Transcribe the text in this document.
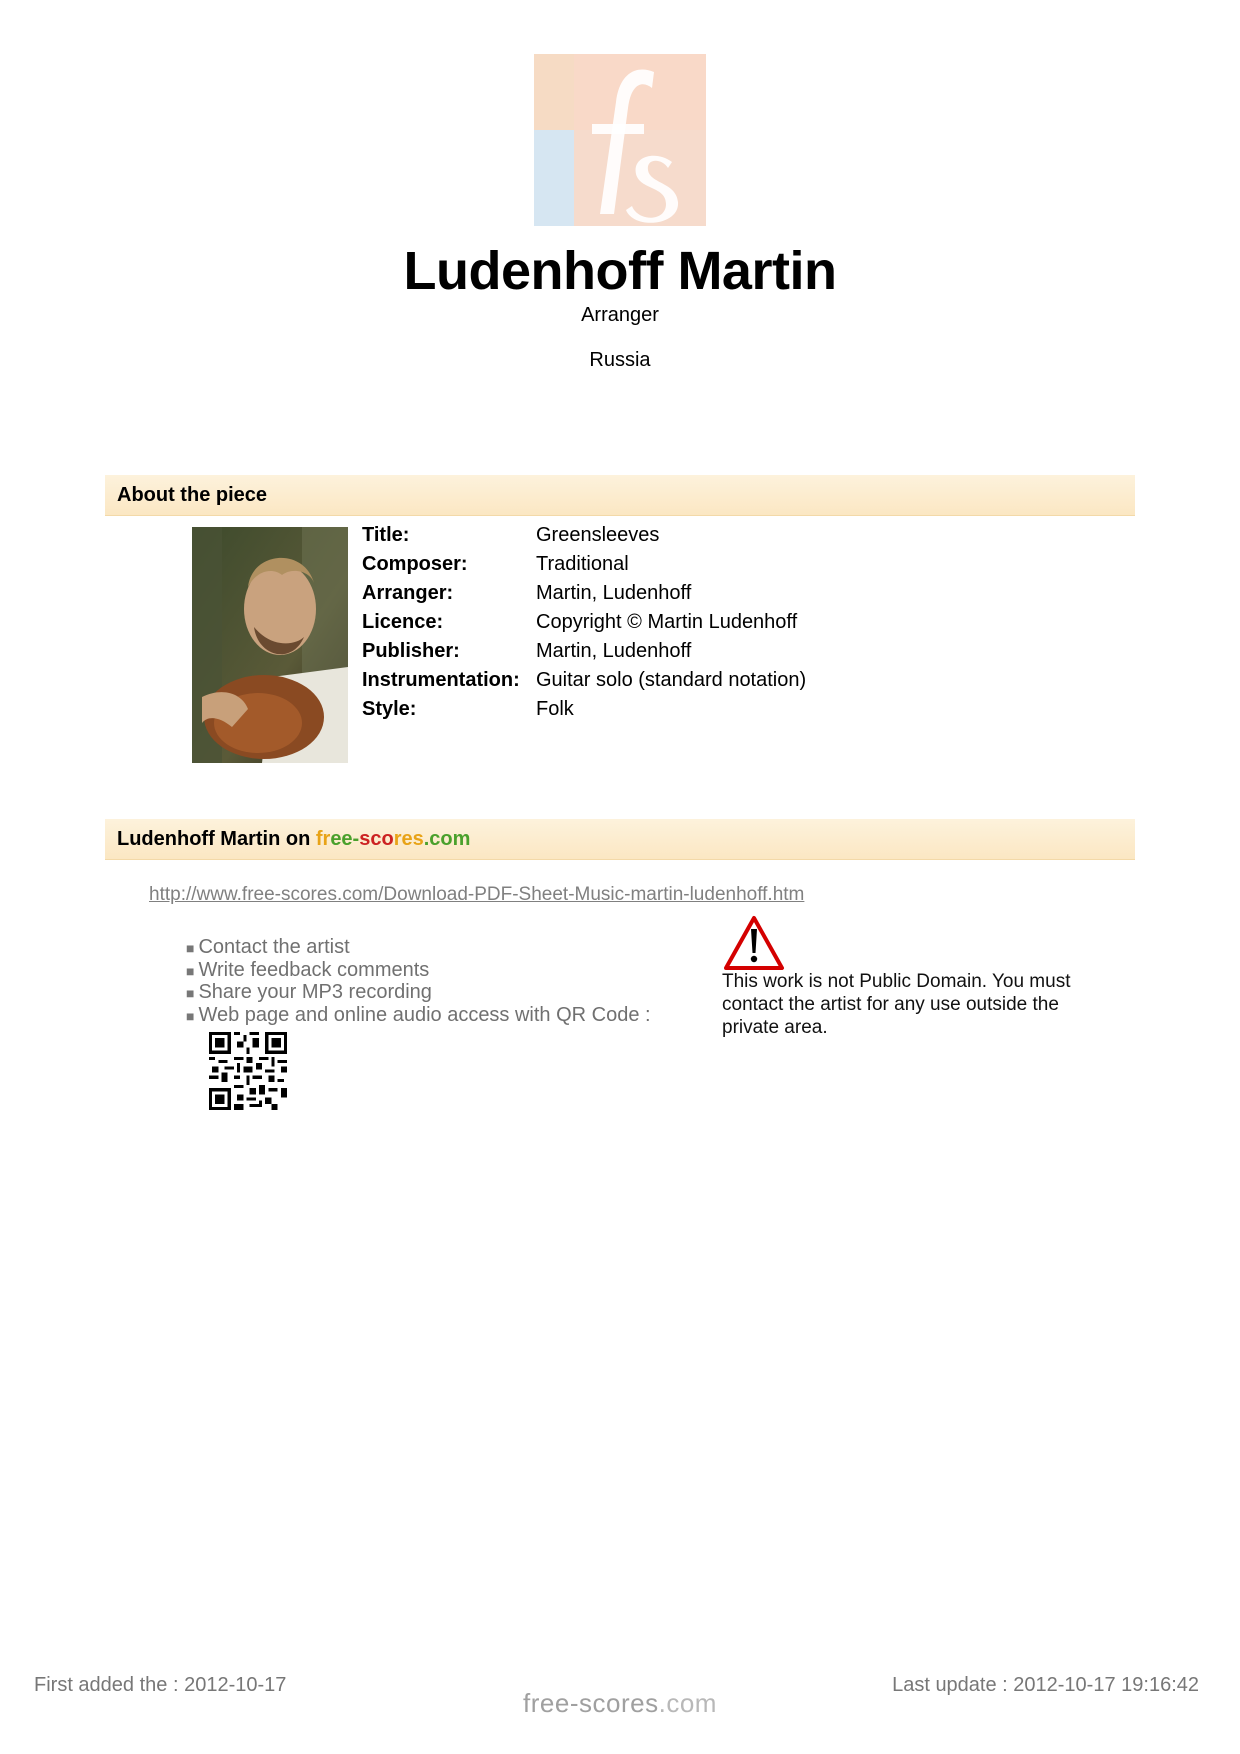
Ludenhoff Martin
Arranger
Russia
About the piece
Title:	Greensleeves
Composer:	Traditional
Arranger:	Martin, Ludenhoff
Licence:	Copyright © Martin Ludenhoff
Publisher:	Martin, Ludenhoff
Instrumentation:	Guitar solo (standard notation)
Style:	Folk
Ludenhoff Martin on free-scores.com
http://www.free-scores.com/Download-PDF-Sheet-Music-martin-ludenhoff.htm
■ Contact the artist
■ Write feedback comments
■ Share your MP3 recording
■ Web page and online audio access with QR Code :
This work is not Public Domain. You must contact the artist for any use outside the private area.
First added the : 2012-10-17
free-scores.com
Last update : 2012-10-17 19:16:42
